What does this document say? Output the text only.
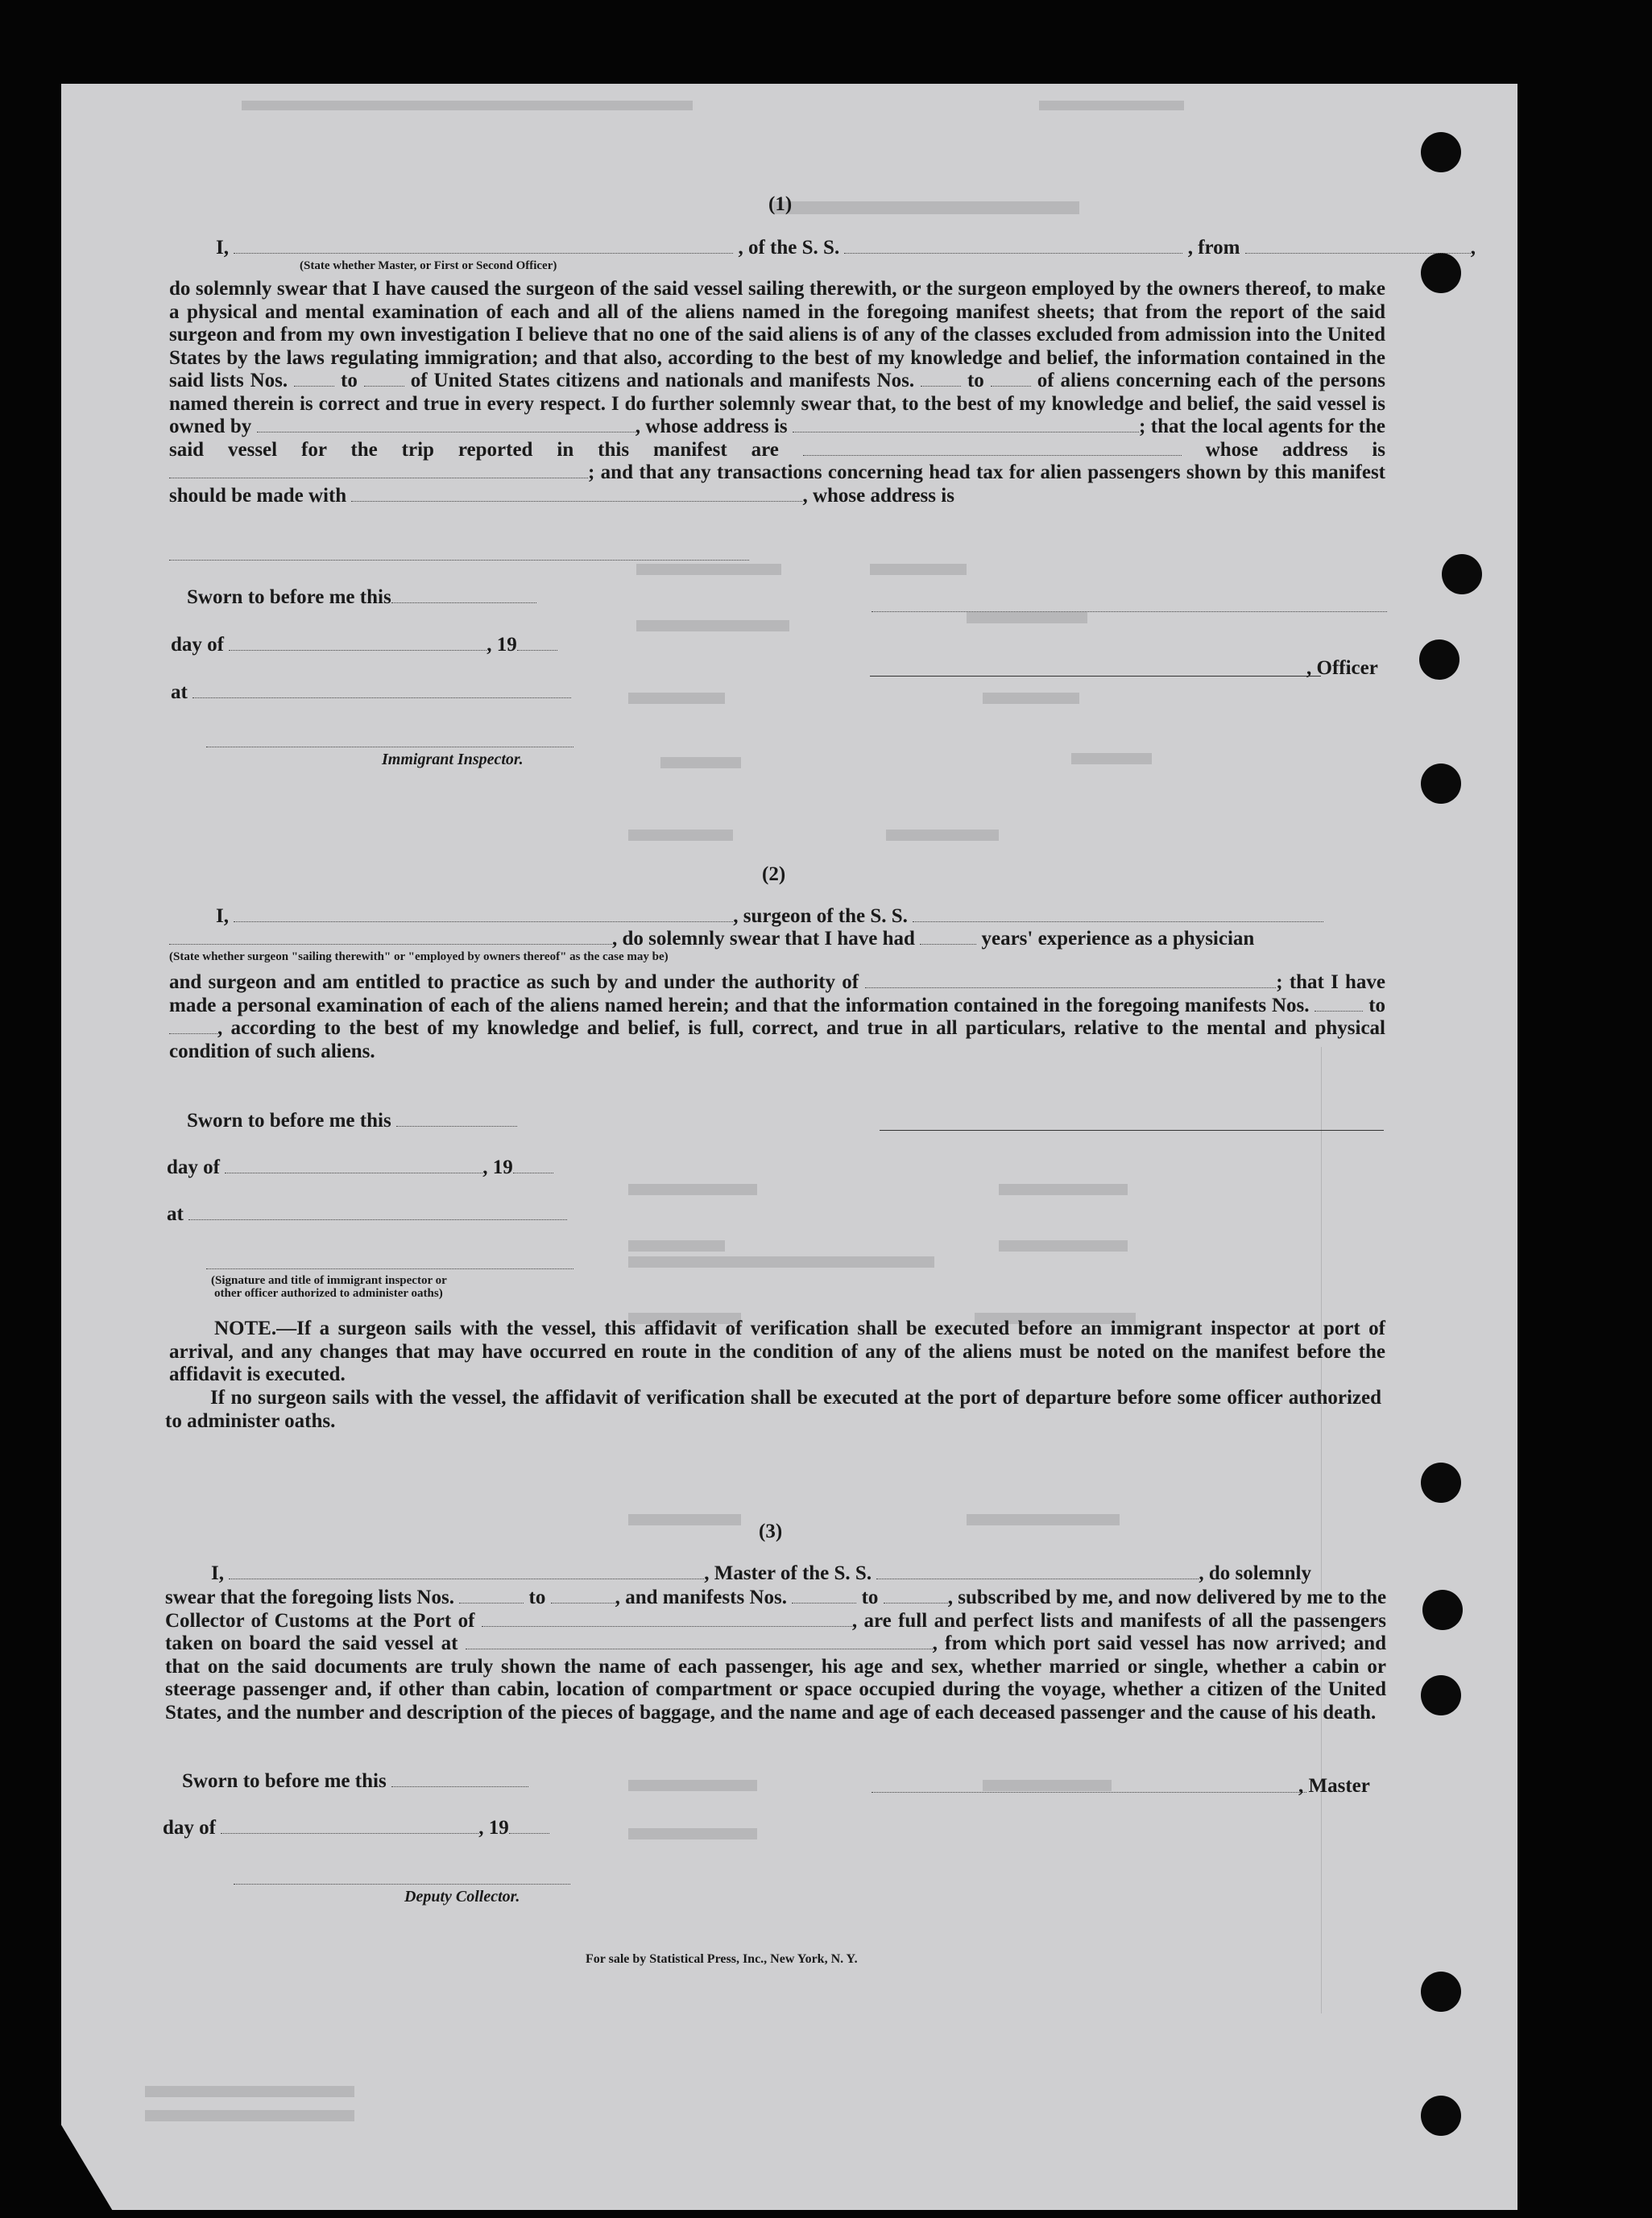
(1)
I,	, of the S. S.	, from	,
(State whether Master, or First or Second Officer)
do solemnly swear that I have caused the surgeon of the said vessel sailing therewith, or the surgeon employed by the owners thereof, to make a physical and mental examination of each and all of the aliens named in the foregoing manifest sheets; that from the report of the said surgeon and from my own investigation I believe that no one of the said aliens is of any of the classes excluded from admission into the United States by the laws regulating immigration; and that also, according to the best of my knowledge and belief, the information contained in the said lists Nos.	to	of United States citizens and nationals and manifests Nos.	to	of aliens concerning each of the persons named therein is correct and true in every respect. I do further solemnly swear that, to the best of my knowledge and belief, the said vessel is owned by	, whose address is	; that the local agents for the said vessel for the trip reported in this manifest are	whose address is ; and that any transactions concerning head tax for alien passengers shown by this manifest should be made with	, whose address is
Sworn to before me this
day of	, 19
, Officer
at
Immigrant Inspector.
(2)
I,	, surgeon of the S. S.
, do solemnly swear that I have had	years' experience as a physician
(State whether surgeon "sailing therewith" or "employed by owners thereof" as the case may be)
and surgeon and am entitled to practice as such by and under the authority of	; that I have made a personal examination of each of the aliens named herein; and that the information contained in the foregoing manifests Nos.	to , according to the best of my knowledge and belief, is full, correct, and true in all particulars, relative to the mental and physical condition of such aliens.
Sworn to before me this
day of	, 19
at
(Signature and title of immigrant inspector or
other officer authorized to administer oaths)
NOTE.—If a surgeon sails with the vessel, this affidavit of verification shall be executed before an immigrant inspector at port of arrival, and any changes that may have occurred en route in the condition of any of the aliens must be noted on the manifest before the affidavit is executed.
If no surgeon sails with the vessel, the affidavit of verification shall be executed at the port of departure before some officer authorized to administer oaths.
(3)
I,	, Master of the S. S.	, do solemnly
swear that the foregoing lists Nos.	to	, and manifests Nos.	to	, subscribed by me, and now delivered by me to the Collector of Customs at the Port of	, are full and perfect lists and manifests of all the passengers taken on board the said vessel at	, from which port said vessel has now arrived; and that on the said documents are truly shown the name of each passenger, his age and sex, whether married or single, whether a cabin or steerage passenger and, if other than cabin, location of compartment or space occupied during the voyage, whether a citizen of the United States, and the number and description of the pieces of baggage, and the name and age of each deceased passenger and the cause of his death.
Sworn to before me this	, Master
day of	, 19
Deputy Collector.
For sale by Statistical Press, Inc., New York, N. Y.
